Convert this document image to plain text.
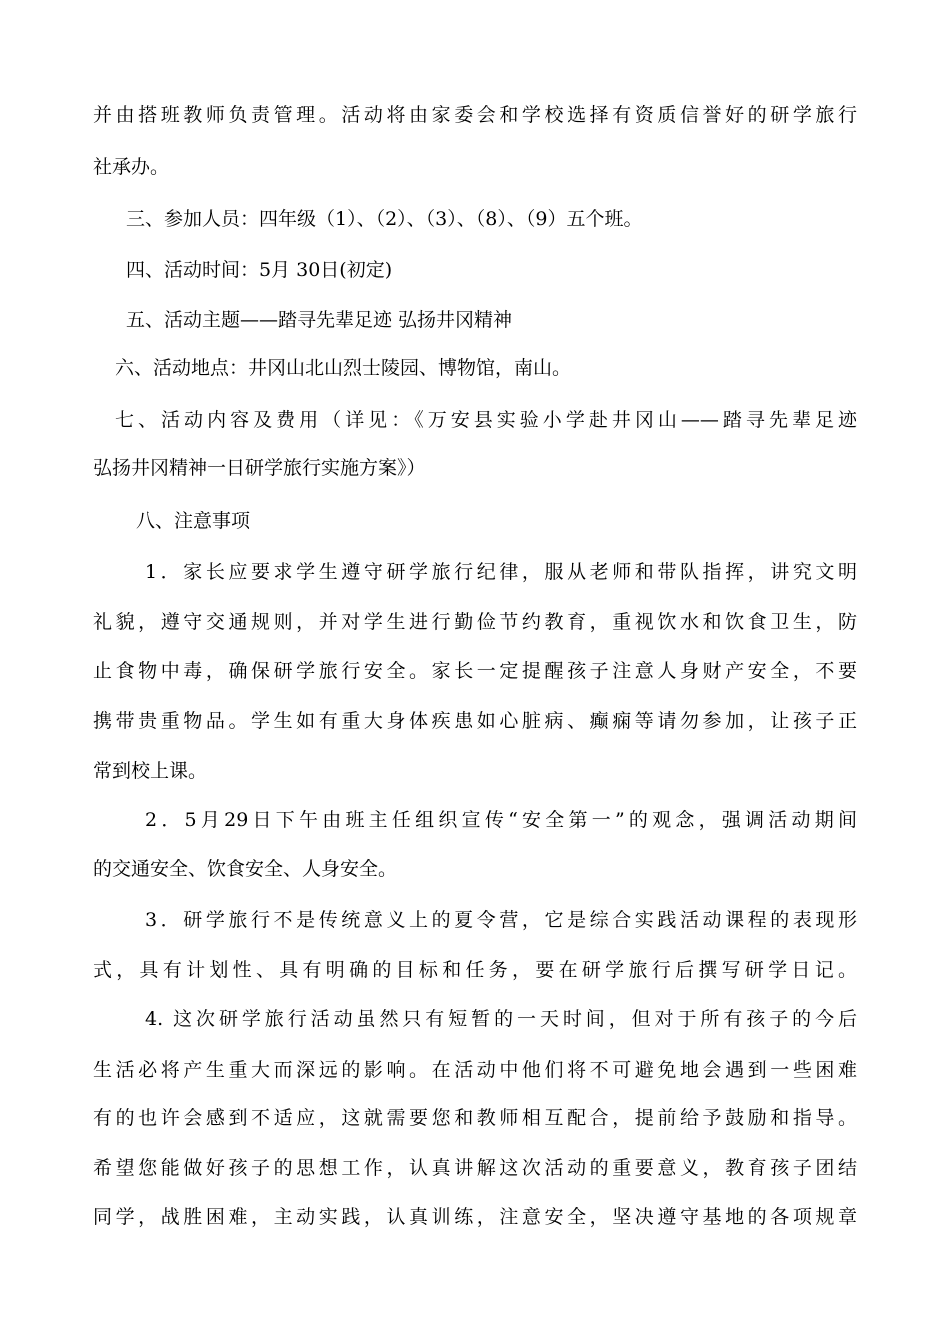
并由搭班教师负责管理。活动将由家委会和学校选择有资质信誉好的研学旅行
社承办。
三、参加人员：四年级（1）、（2）、（3）、（8）、（9）五个班。
四、活动时间：5月 30日(初定)
五、活动主题——踏寻先辈足迹 弘扬井冈精神
六、活动地点：井冈山北山烈士陵园、博物馆，南山。
七、活动内容及费用（详见：《万安县实验小学赴井冈山——踏寻先辈足迹
弘扬井冈精神一日研学旅行实施方案》）
八、注意事项
1．家长应要求学生遵守研学旅行纪律，服从老师和带队指挥，讲究文明
礼貌，遵守交通规则，并对学生进行勤俭节约教育，重视饮水和饮食卫生，防
止食物中毒，确保研学旅行安全。家长一定提醒孩子注意人身财产安全，不要
携带贵重物品。学生如有重大身体疾患如心脏病、癫痫等请勿参加，让孩子正
常到校上课。
2．5月29日下午由班主任组织宣传“安全第一”的观念，强调活动期间
的交通安全、饮食安全、人身安全。
3．研学旅行不是传统意义上的夏令营，它是综合实践活动课程的表现形
式，具有计划性、具有明确的目标和任务，要在研学旅行后撰写研学日记。
4. 这次研学旅行活动虽然只有短暂的一天时间，但对于所有孩子的今后
生活必将产生重大而深远的影响。在活动中他们将不可避免地会遇到一些困难
有的也许会感到不适应，这就需要您和教师相互配合，提前给予鼓励和指导。
希望您能做好孩子的思想工作，认真讲解这次活动的重要意义，教育孩子团结
同学，战胜困难，主动实践，认真训练，注意安全，坚决遵守基地的各项规章
